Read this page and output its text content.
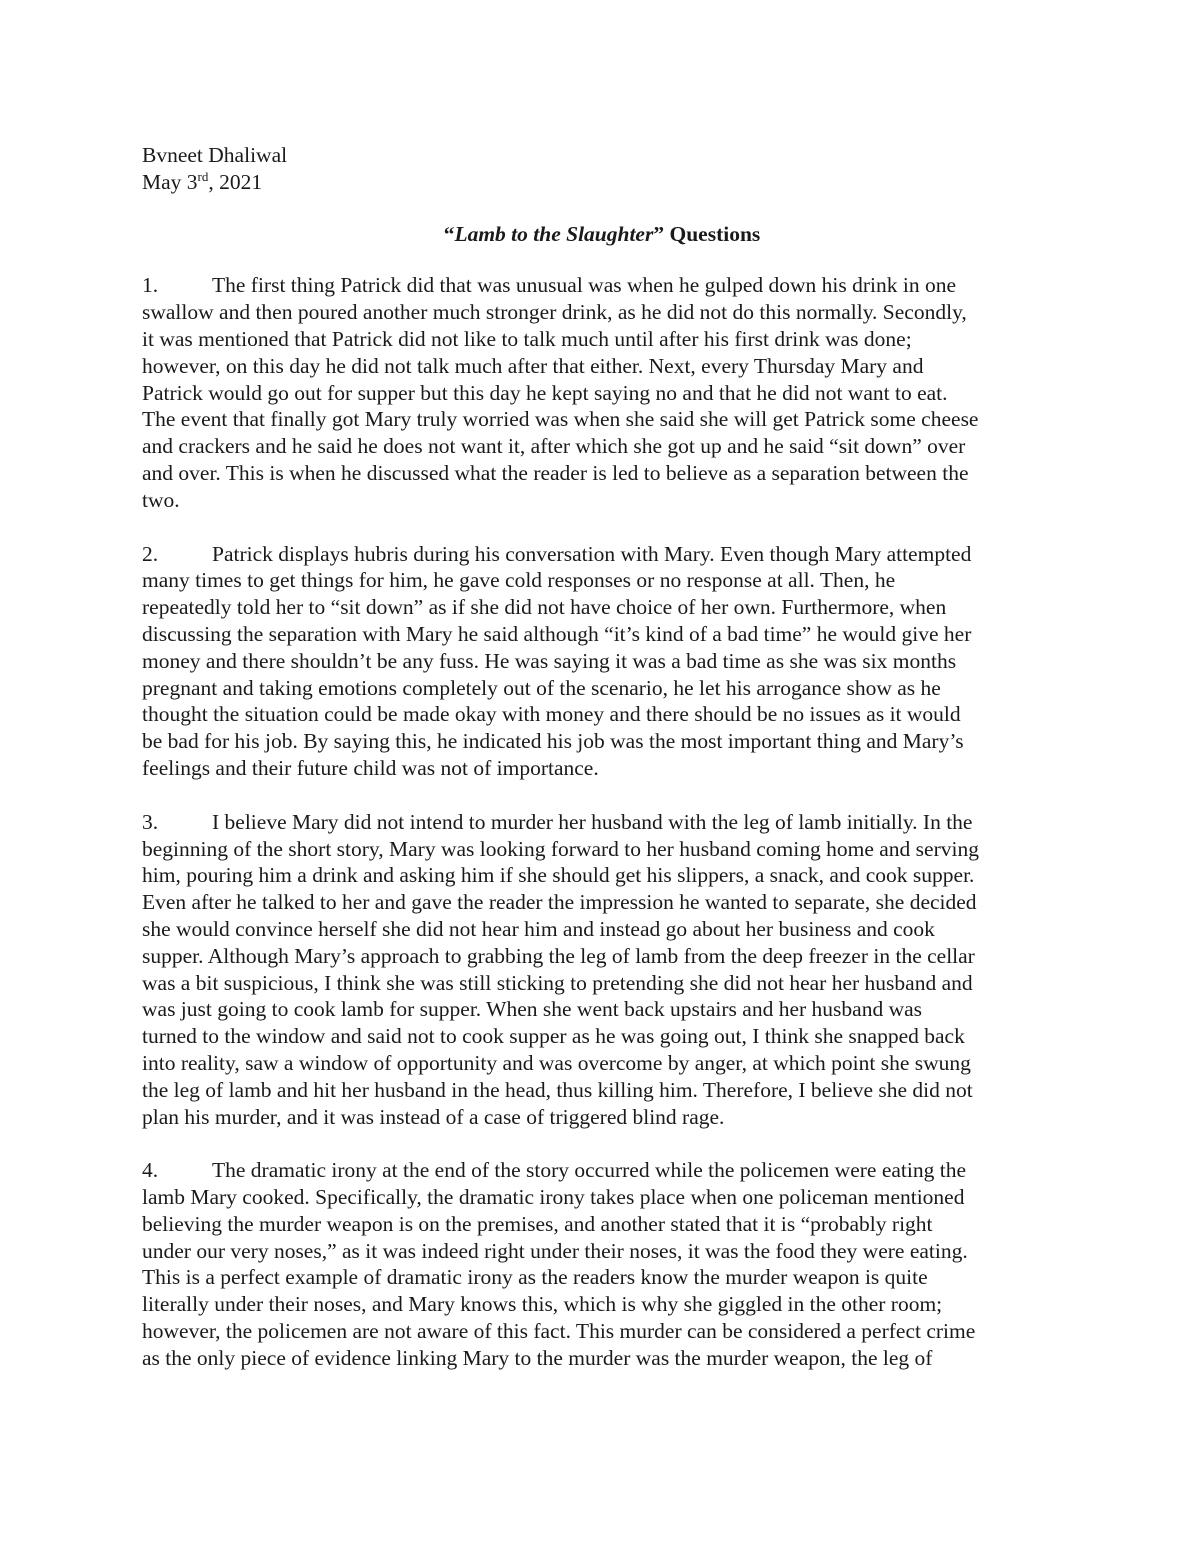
Bvneet Dhaliwal
May 3rd, 2021
“Lamb to the Slaughter” Questions
1.	The first thing Patrick did that was unusual was when he gulped down his drink in one
swallow and then poured another much stronger drink, as he did not do this normally. Secondly,
it was mentioned that Patrick did not like to talk much until after his first drink was done;
however, on this day he did not talk much after that either. Next, every Thursday Mary and
Patrick would go out for supper but this day he kept saying no and that he did not want to eat.
The event that finally got Mary truly worried was when she said she will get Patrick some cheese
and crackers and he said he does not want it, after which she got up and he said “sit down” over
and over. This is when he discussed what the reader is led to believe as a separation between the
two.
2.	Patrick displays hubris during his conversation with Mary. Even though Mary attempted
many times to get things for him, he gave cold responses or no response at all. Then, he
repeatedly told her to “sit down” as if she did not have choice of her own. Furthermore, when
discussing the separation with Mary he said although “it’s kind of a bad time” he would give her
money and there shouldn’t be any fuss. He was saying it was a bad time as she was six months
pregnant and taking emotions completely out of the scenario, he let his arrogance show as he
thought the situation could be made okay with money and there should be no issues as it would
be bad for his job. By saying this, he indicated his job was the most important thing and Mary’s
feelings and their future child was not of importance.
3.	I believe Mary did not intend to murder her husband with the leg of lamb initially. In the
beginning of the short story, Mary was looking forward to her husband coming home and serving
him, pouring him a drink and asking him if she should get his slippers, a snack, and cook supper.
Even after he talked to her and gave the reader the impression he wanted to separate, she decided
she would convince herself she did not hear him and instead go about her business and cook
supper. Although Mary’s approach to grabbing the leg of lamb from the deep freezer in the cellar
was a bit suspicious, I think she was still sticking to pretending she did not hear her husband and
was just going to cook lamb for supper. When she went back upstairs and her husband was
turned to the window and said not to cook supper as he was going out, I think she snapped back
into reality, saw a window of opportunity and was overcome by anger, at which point she swung
the leg of lamb and hit her husband in the head, thus killing him. Therefore, I believe she did not
plan his murder, and it was instead of a case of triggered blind rage.
4.	The dramatic irony at the end of the story occurred while the policemen were eating the
lamb Mary cooked. Specifically, the dramatic irony takes place when one policeman mentioned
believing the murder weapon is on the premises, and another stated that it is “probably right
under our very noses,” as it was indeed right under their noses, it was the food they were eating.
This is a perfect example of dramatic irony as the readers know the murder weapon is quite
literally under their noses, and Mary knows this, which is why she giggled in the other room;
however, the policemen are not aware of this fact. This murder can be considered a perfect crime
as the only piece of evidence linking Mary to the murder was the murder weapon, the leg of
